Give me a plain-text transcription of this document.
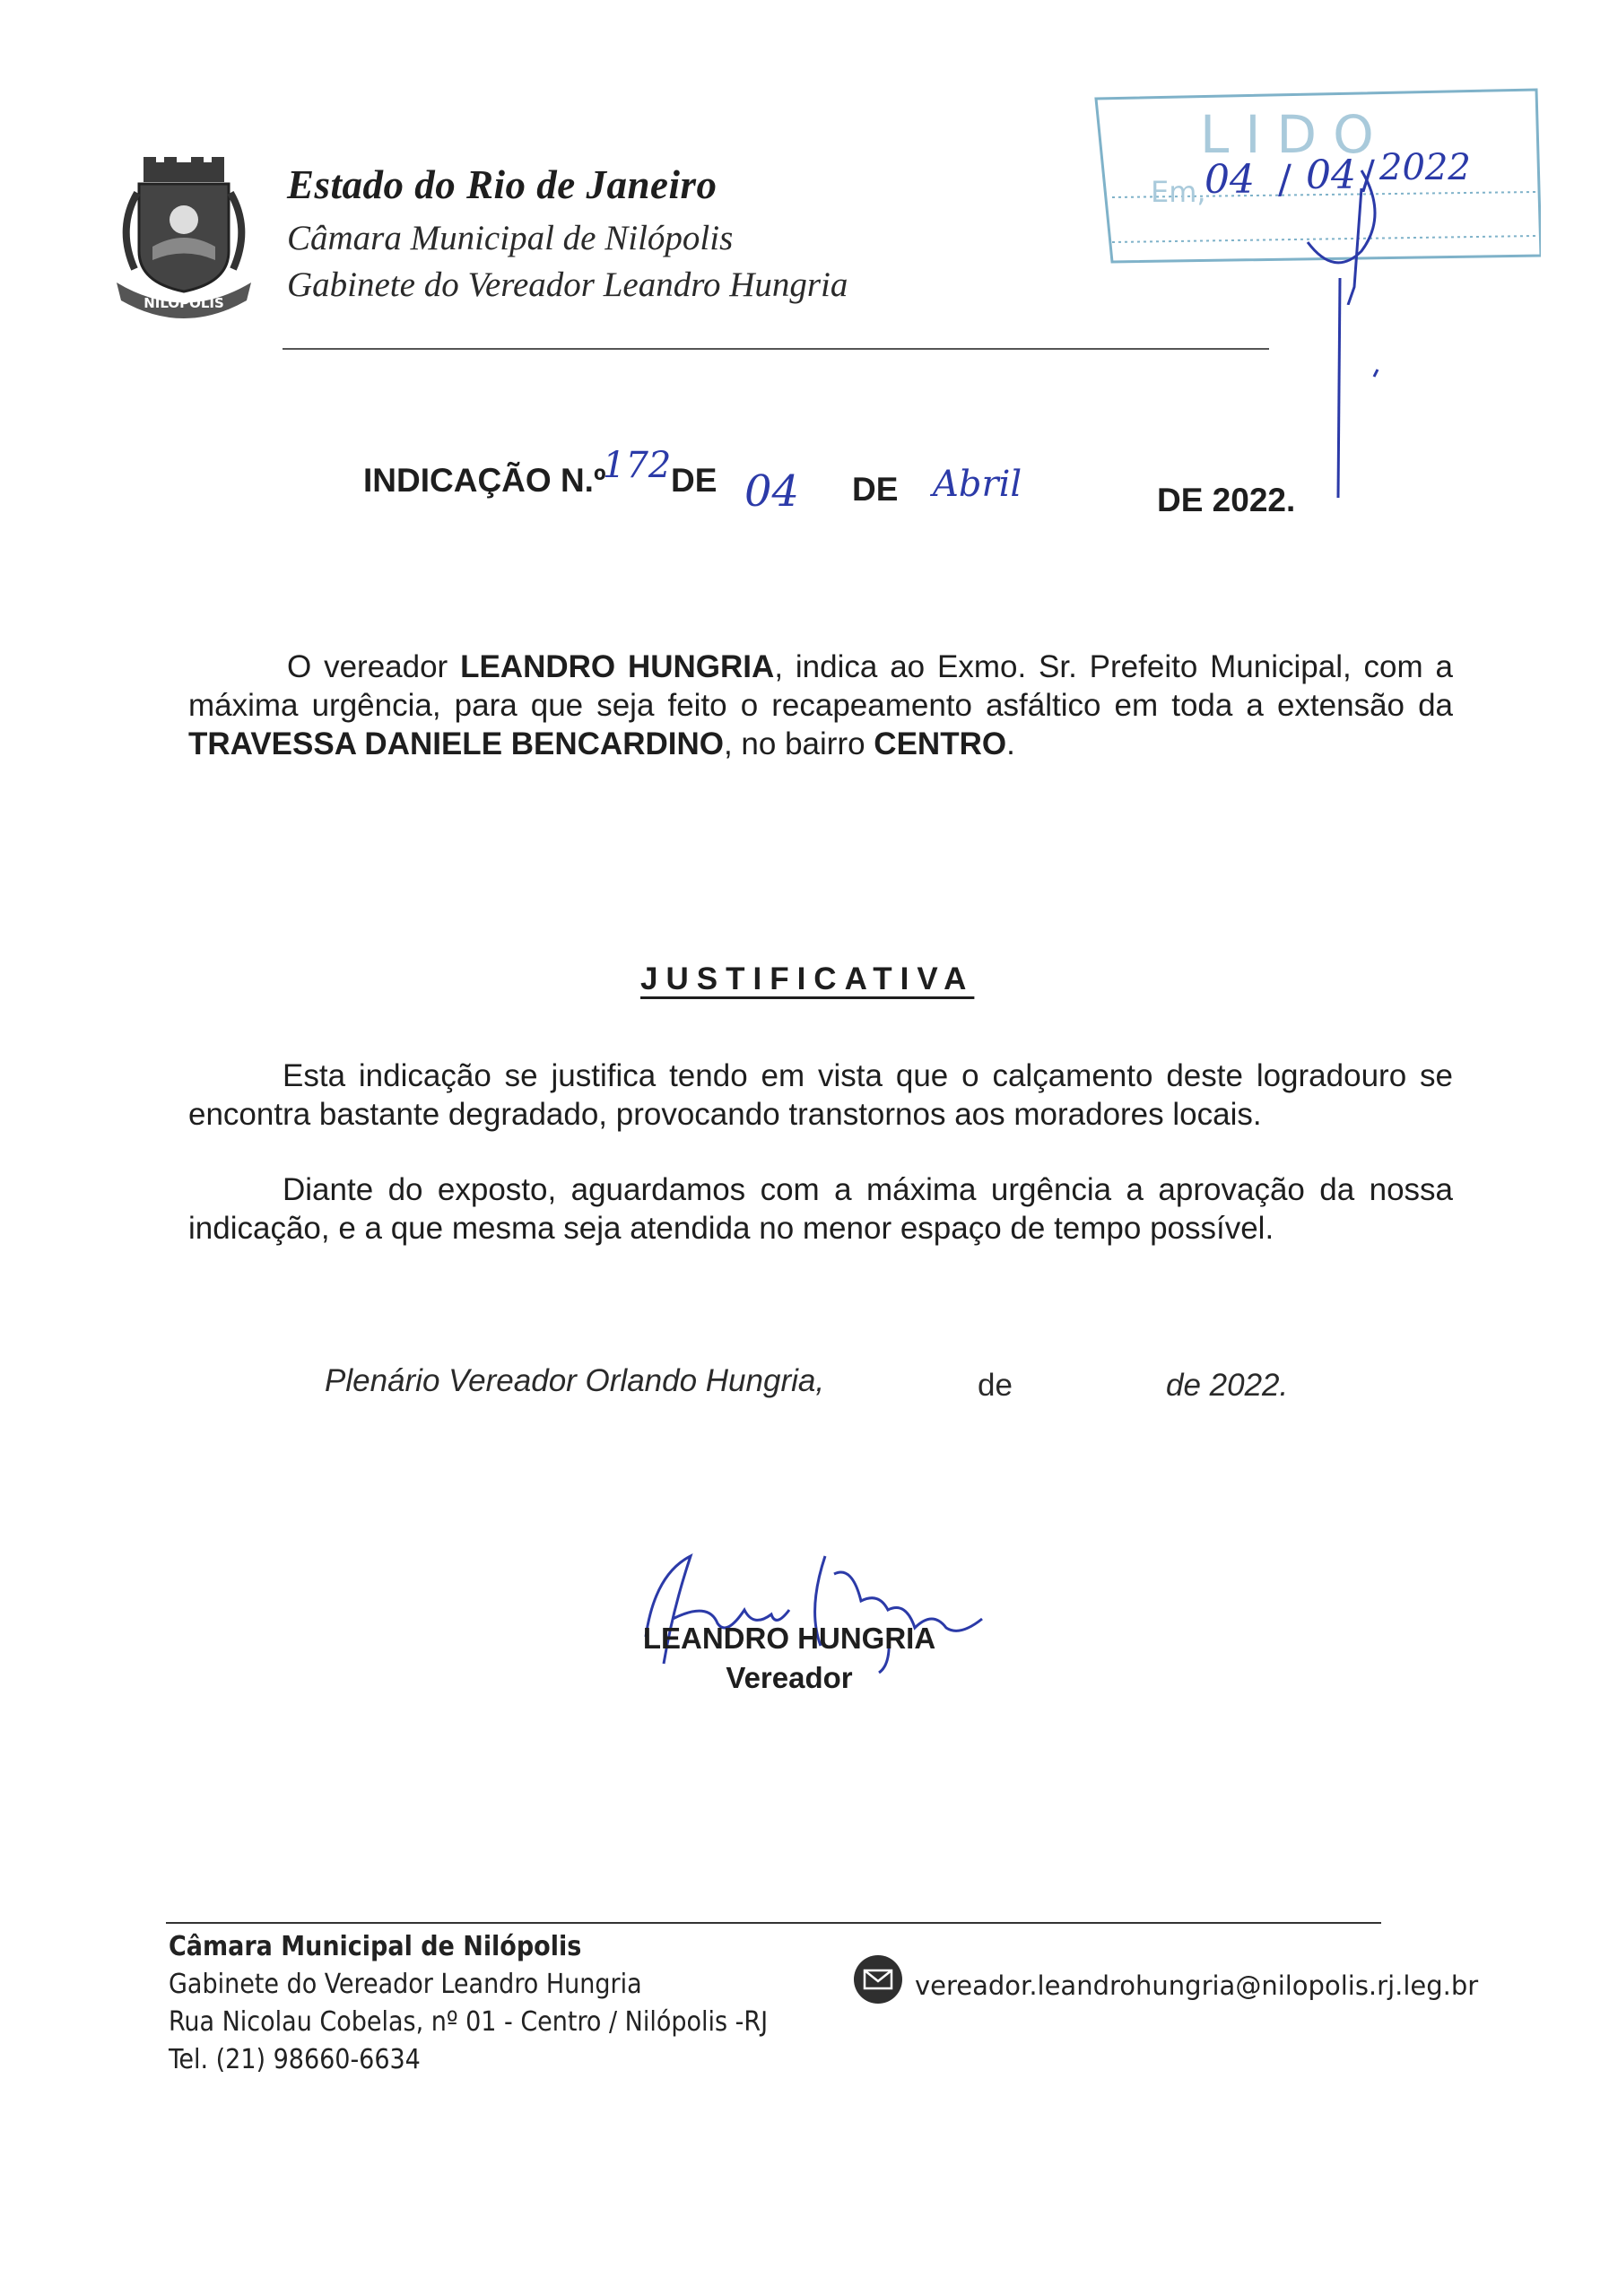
NILÓPOLIS
Estado do Rio de Janeiro
Câmara Municipal de Nilópolis
Gabinete do Vereador Leandro Hungria
LIDO
Em,
04 / 04 / 2022
INDICAÇÃO N.º
172 DE 04 DE Abril	DE 2022.
O vereador LEANDRO HUNGRIA, indica ao Exmo. Sr. Prefeito Municipal, com a máxima urgência, para que seja feito o recapeamento asfáltico em toda a extensão da TRAVESSA DANIELE BENCARDINO, no bairro CENTRO.
JUSTIFICATIVA
Esta indicação se justifica tendo em vista que o calçamento deste logradouro se encontra bastante degradado, provocando transtornos aos moradores locais.
Diante do exposto, aguardamos com a máxima urgência a aprovação da nossa indicação, e a que mesma seja atendida no menor espaço de tempo possível.
Plenário Vereador Orlando Hungria,	de	de 2022.
LEANDRO HUNGRIA
Vereador
Câmara Municipal de Nilópolis
Gabinete do Vereador Leandro Hungria
Rua Nicolau Cobelas, nº 01 - Centro / Nilópolis -RJ
Tel. (21) 98660-6634
vereador.leandrohungria@nilopolis.rj.leg.br
